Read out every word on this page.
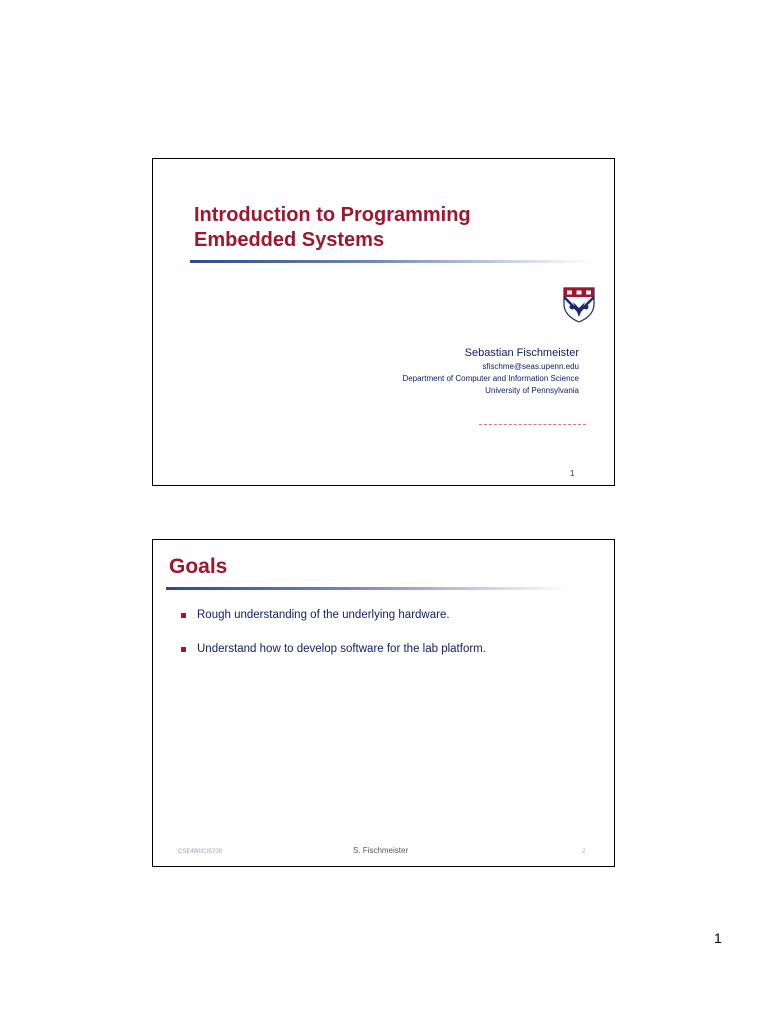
Introduction to Programming
Embedded Systems
Sebastian Fischmeister
sfischme@seas.upenn.edu
Department of Computer and Information Science
University of Pennsylvania
1
Goals
Rough understanding of the underlying hardware.
Understand how to develop software for the lab platform.
CSE480/CIS700	S. Fischmeister	2
1
